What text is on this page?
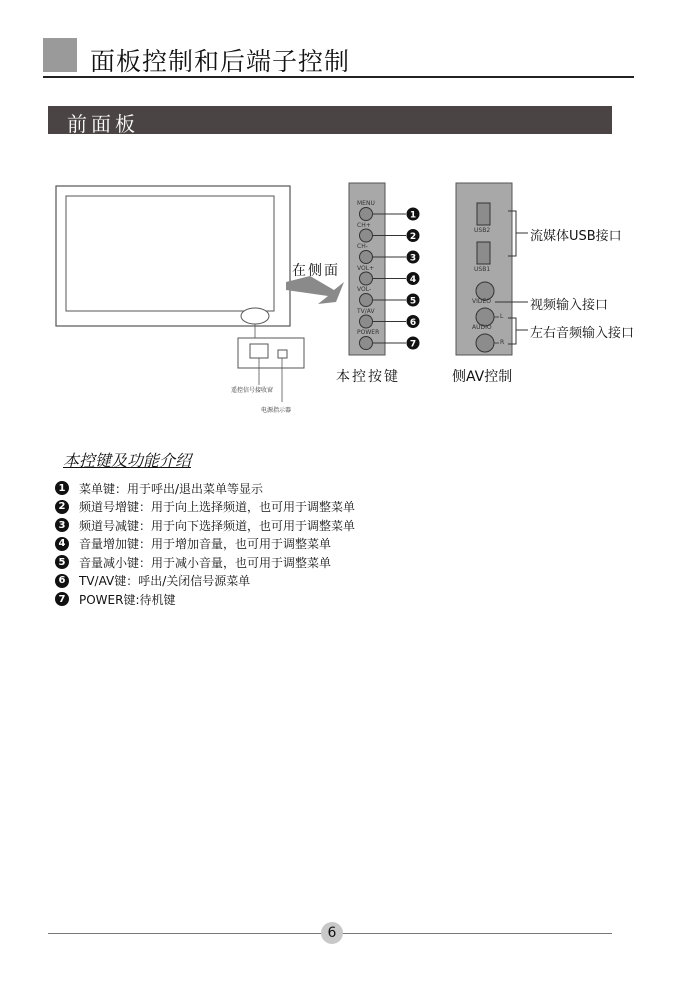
面板控制和后端子控制
前面板
1
2
3
4
5
6
7
在侧面
遥控信号接收窗
电源指示器
本控按键	侧AV控制
USB2
USB1
VIDEO
AUDIO
L
R
流媒体USB接口
视频输入接口
左右音频输入接口
MENU
CH+
CH-
VOL+
VOL-
TV/AV
POWER
本控键及功能介绍
1 菜单键：用于呼出/退出菜单等显示
2 频道号增键：用于向上选择频道，也可用于调整菜单
3 频道号减键：用于向下选择频道，也可用于调整菜单
4 音量增加键：用于增加音量，也可用于调整菜单
5 音量减小键：用于减小音量，也可用于调整菜单
6 TV/AV键：呼出/关闭信号源菜单
7 POWER键:待机键
6
